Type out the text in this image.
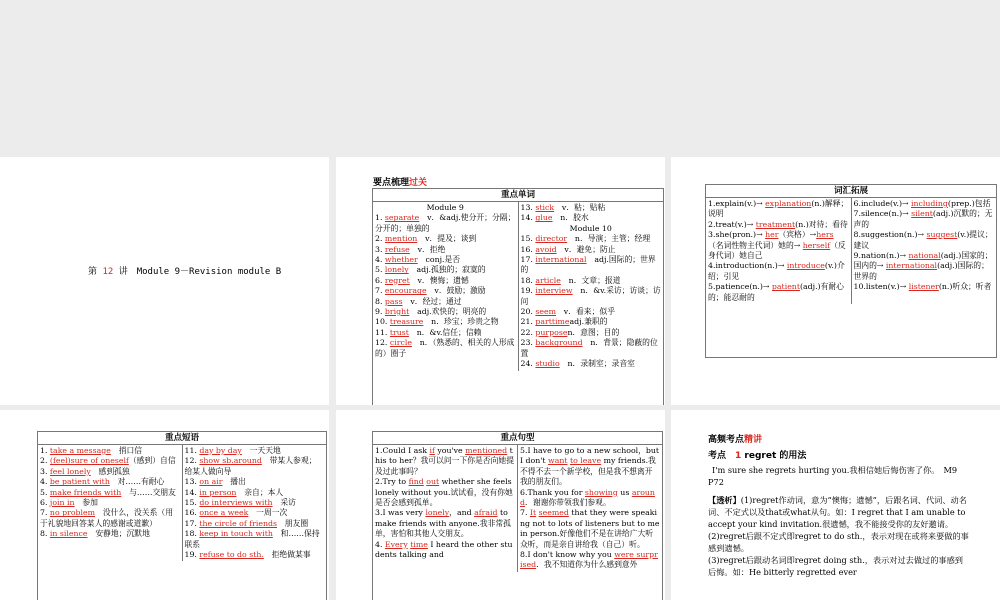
第 12 讲　Module 9－Revision module B
要点梳理过关
重点单词
Module 9
1. separate　v．&adj.使分开；分隔；分开的；单独的
2. mention　v．提及；谈到
3. refuse　v．拒绝
4. whether　conj.是否
5. lonely　adj.孤独的；寂寞的
6. regret　v．懊悔；遗憾
7. encourage　v．鼓励；激励
8. pass　v．经过；通过
9. bright　adj.欢快的；明亮的
10. treasure　n．珍宝；珍贵之物
11. trust　n．&v.信任；信赖
12. circle　n．（熟悉的、相关的人形成的）圈子
13. stick　v．粘；贴粘
14. glue　n．胶水
Module 10
15. director　n．导演；主管；经理
16. avoid　v．避免；防止
17. international　adj.国际的；世界的
18. article　n．文章；报道
19. interview　n．&v.采访；访谈；访问
20. seem　v．看来；似乎
21. parttimeadj.兼职的
22. purposen．意图；目的
23. background　n．背景；隐蔽的位置
24. studio　n．录制室；录音室
词汇拓展
1.explain(v.)→ explanation(n.)解释；说明
2.treat(v.)→ treatment(n.)对待；看待
3.she(pron.)→ her（宾格）→hers（名词性物主代词）她的→ herself（反身代词）她自己
4.introduction(n.)→ introduce(v.)介绍；引见
5.patience(n.)→ patient(adj.)有耐心的；能忍耐的
6.include(v.)→ including(prep.)包括
7.silence(n.)→ silent(adj.)沉默的；无声的
8.suggestion(n.)→ suggest(v.)提议；建议
9.nation(n.)→ national(adj.)国家的；国内的→ international(adj.)国际的；世界的
10.listen(v.)→ listener(n.)听众；听者
重点短语
1. take a message　捎口信
2. (feel)sure of oneself（感到）自信
3. feel lonely　感到孤独
4. be patient with　对……有耐心
5. make friends with　与……交朋友
6. join in　参加
7. no problem　没什么，没关系（用于礼貌地回答某人的感谢或道歉）
8. in silence　安静地；沉默地
11. day by day　一天天地
12. show sb.around　带某人参观；给某人做向导
13. on air　播出
14. in person　亲自；本人
15. do interviews with　采访
16. once a week　一周一次
17. the circle of friends　朋友圈
18. keep in touch with　和……保持联系
19. refuse to do sth.　拒绝做某事
重点句型
1.Could I ask if you've mentioned this to her？我可以问一下你是否向她提及过此事吗？
2.Try to find out whether she feels lonely without you.试试看，没有你她是否会感到孤单。
3.I was very lonely，and afraid to make friends with anyone.我非常孤单，害怕和其他人交朋友。
4. Every time I heard the other students talking and
5.I have to go to a new school，but I don't want to leave my friends.我不得不去一个新学校，但是我不想离开我的朋友们。
6.Thank you for showing us around．谢谢你带领我们参观。
7. It seemed that they were speaking not to lots of listeners but to me in person.好像他们不是在讲给广大听众听，而是亲自讲给我（自己）听。
8.I don't know why you were surprised．我不知道你为什么感到意外
高频考点精讲
考点　1 regret 的用法
I'm sure she regrets hurting you.我相信她后悔伤害了你。　M9 P72
【透析】(1)regret作动词，意为“懊悔；遗憾”，后跟名词、代词、动名词、不定式以及that或what从句。如：I regret that I am unable to accept your kind invitation.很遗憾，我不能接受你的友好邀请。
(2)regret后跟不定式即regret to do sth.，表示对现在或将来要做的事感到遗憾。
(3)regret后跟动名词即regret doing sth.，表示对过去做过的事感到后悔。如：He bitterly regretted ever
